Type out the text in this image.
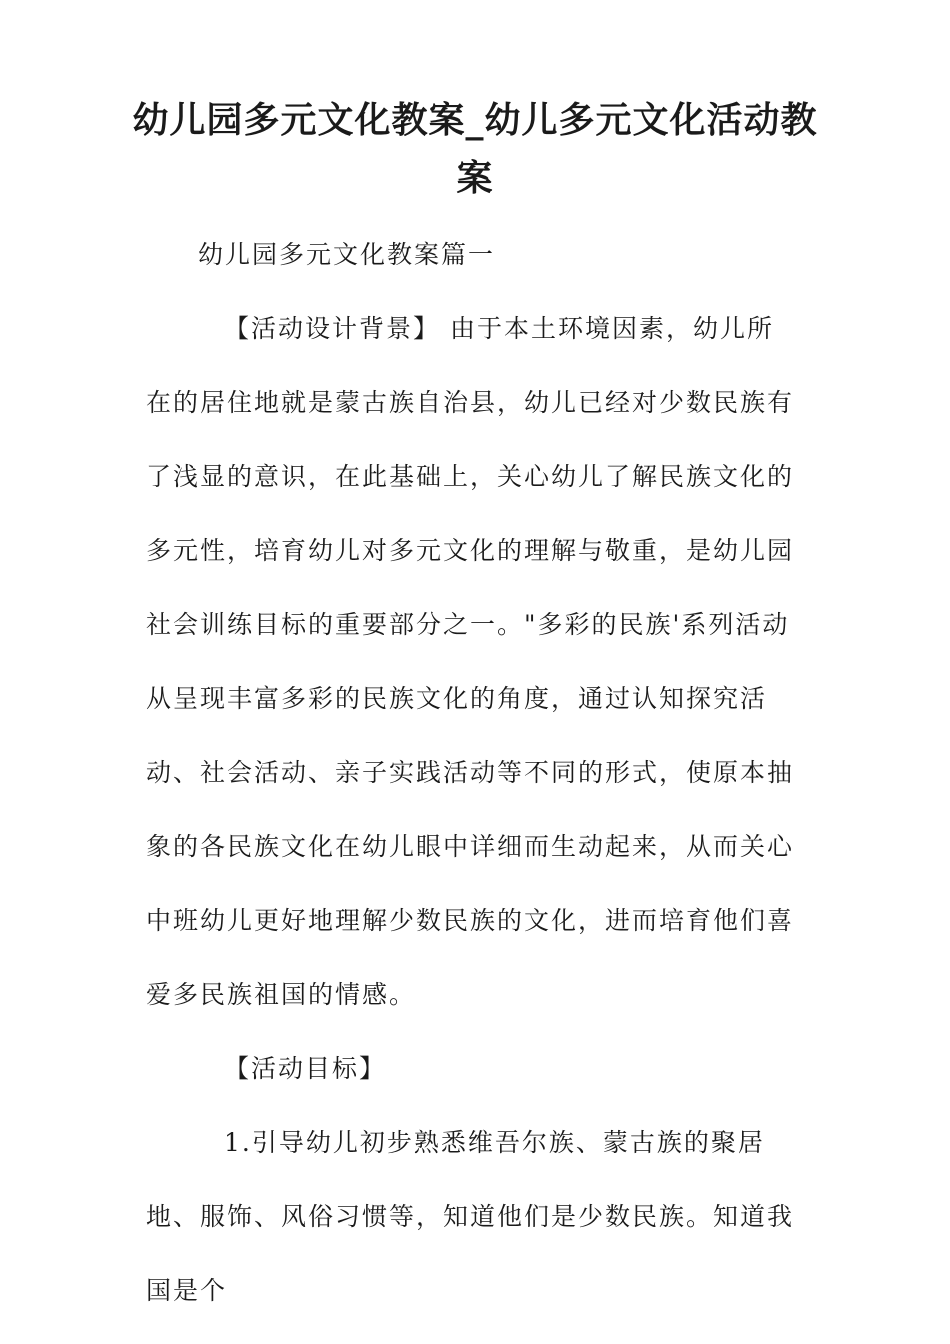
幼儿园多元文化教案_幼儿多元文化活动教案

幼儿园多元文化教案篇一

【活动设计背景】 由于本土环境因素，幼儿所在的居住地就是蒙古族自治县，幼儿已经对少数民族有了浅显的意识，在此基础上，关心幼儿了解民族文化的多元性，培育幼儿对多元文化的理解与敬重，是幼儿园社会训练目标的重要部分之一。"多彩的民族'系列活动从呈现丰富多彩的民族文化的角度，通过认知探究活动、社会活动、亲子实践活动等不同的形式，使原本抽象的各民族文化在幼儿眼中详细而生动起来，从而关心中班幼儿更好地理解少数民族的文化，进而培育他们喜爱多民族祖国的情感。

【活动目标】

1.引导幼儿初步熟悉维吾尔族、蒙古族的聚居地、服饰、风俗习惯等，知道他们是少数民族。知道我国是个
